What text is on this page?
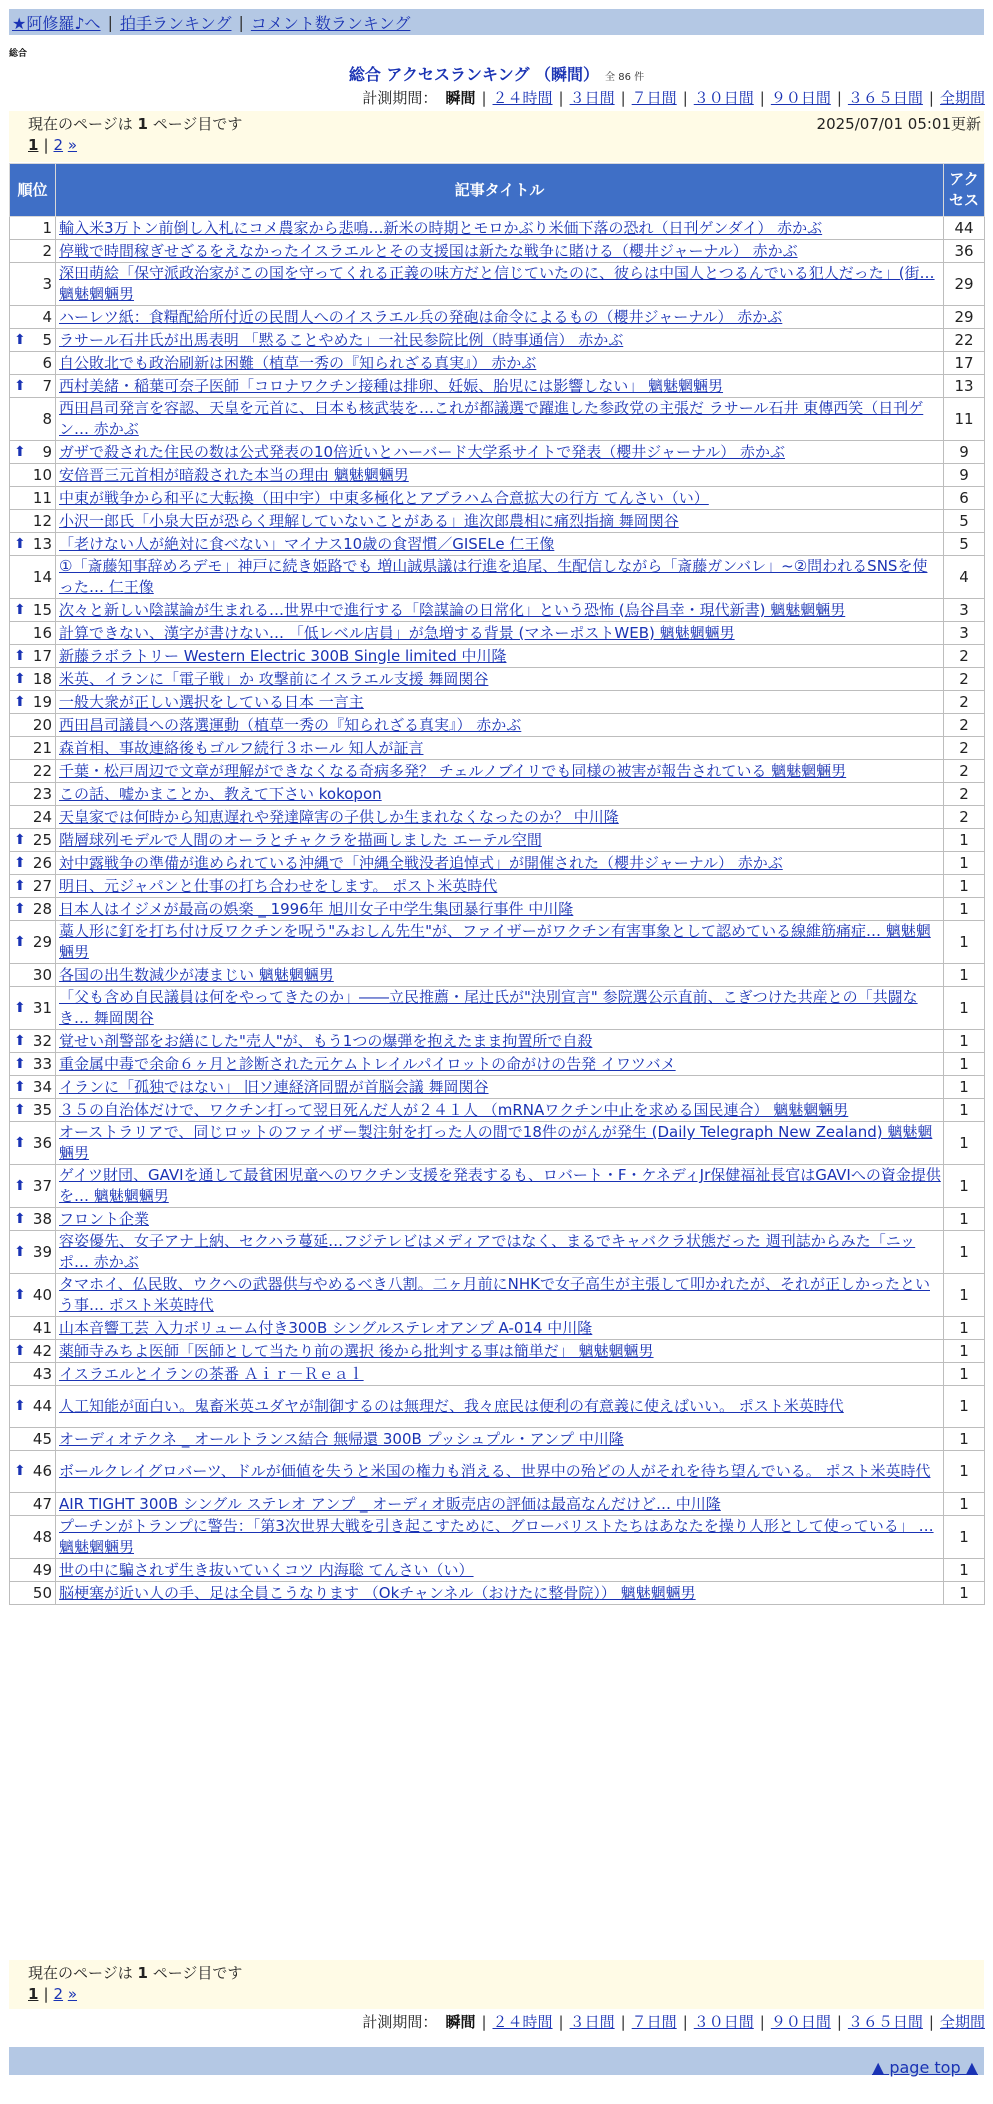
★阿修羅♪へ | 拍手ランキング | コメント数ランキング
総合
総合 アクセスランキング （瞬間） 全 86 件
計測期間： 瞬間 | ２４時間 | ３日間 | ７日間 | ３０日間 | ９０日間 | ３６５日間 | 全期間
現在のページは 1 ページ目です	2025/07/01 05:01更新
1 | 2 »
順位	記事タイトル	アクセス
1	輸入米3万トン前倒し入札にコメ農家から悲鳴…新米の時期とモロかぶり米価下落の恐れ（日刊ゲンダイ） 赤かぶ	44
2	停戦で時間稼ぎせざるをえなかったイスラエルとその支援国は新たな戦争に賭ける（櫻井ジャーナル） 赤かぶ	36
3	深田萌絵「保守派政治家がこの国を守ってくれる正義の味方だと信じていたのに、彼らは中国人とつるんでいる犯人だった」(街… 魑魅魍魎男	29
4	ハーレツ紙：食糧配給所付近の民間人へのイスラエル兵の発砲は命令によるもの（櫻井ジャーナル） 赤かぶ	29

⬆ 5	ラサール石井氏が出馬表明 「黙ることやめた」一社民参院比例（時事通信） 赤かぶ	22
6	自公敗北でも政治刷新は困難（植草一秀の『知られざる真実』） 赤かぶ	17

⬆ 7	西村美緒・稲葉可奈子医師「コロナワクチン接種は排卵、妊娠、胎児には影響しない」 魑魅魍魎男	13
8	西田昌司発言を容認、天皇を元首に、日本も核武装を…これが都議選で躍進した参政党の主張だ ラサール石井 東傳西笑（日刊ゲン… 赤かぶ	11

⬆ 9	ガザで殺された住民の数は公式発表の10倍近いとハーバード大学系サイトで発表（櫻井ジャーナル） 赤かぶ	9
10	安倍晋三元首相が暗殺された本当の理由 魑魅魍魎男	9
11	中東が戦争から和平に大転換（田中宇）中東多極化とアブラハム合意拡大の行方 てんさい（い）	6
12	小沢一郎氏「小泉大臣が恐らく理解していないことがある」進次郎農相に痛烈指摘 舞岡関谷	5

⬆ 13	「老けない人が絶対に食べない」マイナス10歳の食習慣／GISELe 仁王像	5
14	①「斎藤知事辞めろデモ」神戸に続き姫路でも 増山誠県議は行進を追尾、生配信しながら「斎藤ガンバレ」~②問われるSNSを使った… 仁王像	4

⬆ 15	次々と新しい陰謀論が生まれる…世界中で進行する「陰謀論の日常化」という恐怖 (烏谷昌幸・現代新書) 魑魅魍魎男	3
16	計算できない、漢字が書けない… 「低レベル店員」が急増する背景 (マネーポストWEB) 魑魅魍魎男	3

⬆ 17	新藤ラボラトリー Western Electric 300B Single limited 中川隆	2

⬆ 18	米英、イランに「電子戦」か 攻撃前にイスラエル支援 舞岡関谷	2

⬆ 19	一般大衆が正しい選択をしている日本 一言主	2
20	西田昌司議員への落選運動（植草一秀の『知られざる真実』） 赤かぶ	2
21	森首相、事故連絡後もゴルフ続行３ホール 知人が証言	2
22	千葉・松戸周辺で文章が理解ができなくなる奇病多発？ チェルノブイリでも同様の被害が報告されている 魑魅魍魎男	2
23	この話、嘘かまことか、教えて下さい kokopon	2
24	天皇家では何時から知恵遅れや発達障害の子供しか生まれなくなったのか？ 中川隆	2

⬆ 25	階層球列モデルで人間のオーラとチャクラを描画しました エーテル空間	1

⬆ 26	対中露戦争の準備が進められている沖縄で「沖縄全戦没者追悼式」が開催された（櫻井ジャーナル） 赤かぶ	1

⬆ 27	明日、元ジャパンと仕事の打ち合わせをします。 ポスト米英時代	1

⬆ 28	日本人はイジメが最高の娯楽 _ 1996年 旭川女子中学生集団暴行事件 中川隆	1

⬆ 29	藁人形に釘を打ち付け反ワクチンを呪う"みおしん先生"が、ファイザーがワクチン有害事象として認めている線維筋痛症… 魑魅魍魎男	1
30	各国の出生数減少が凄まじい 魑魅魍魎男	1

⬆ 31	「父も含め自民議員は何をやってきたのか」――立民推薦・尾辻氏が"決別宣言" 参院選公示直前、こぎつけた共産との「共闘なき… 舞岡関谷	1

⬆ 32	覚せい剤警部をお繕にした"売人"が、もう1つの爆弾を抱えたまま拘置所で自殺	1

⬆ 33	重金属中毒で余命６ヶ月と診断された元ケムトレイルパイロットの命がけの告発 イワツバメ	1

⬆ 34	イランに「孤独ではない」 旧ソ連経済同盟が首脳会議 舞岡関谷	1

⬆ 35	３５の自治体だけで、ワクチン打って翌日死んだ人が２４１人 （mRNAワクチン中止を求める国民連合） 魑魅魍魎男	1

⬆ 36	オーストラリアで、同じロットのファイザー製注射を打った人の間で18件のがんが発生 (Daily Telegraph New Zealand) 魑魅魍魎男	1

⬆ 37	ゲイツ財団、GAVIを通して最貧困児童へのワクチン支援を発表するも、ロバート・F・ケネディJr保健福祉長官はGAVIへの資金提供を… 魑魅魍魎男	1

⬆ 38	フロント企業	1

⬆ 39	容姿優先、女子アナ上納、セクハラ蔓延…フジテレビはメディアではなく、まるでキャバクラ状態だった 週刊誌からみた「ニッポ… 赤かぶ	1

⬆ 40	タマホイ、仏民敗、ウクへの武器供与やめるべき八割。二ヶ月前にNHKで女子高生が主張して叩かれたが、それが正しかったという事… ポスト米英時代	1
41	山本音響工芸 入力ボリューム付き300B シングルステレオアンプ A-014 中川隆	1

⬆ 42	薬師寺みちよ医師「医師として当たり前の選択 後から批判する事は簡単だ」 魑魅魍魎男	1
43	イスラエルとイランの茶番 Ａｉｒ－Ｒｅａｌ	1

⬆ 44	人工知能が面白い。鬼畜米英ユダヤが制御するのは無理だ、我々庶民は便利の有意義に使えばいい。 ポスト米英時代	1
45	オーディオテクネ _ オールトランス結合 無帰還 300B プッシュプル・アンプ 中川隆	1

⬆ 46	ボールクレイグロバーツ、ドルが価値を失うと米国の権力も消える、世界中の殆どの人がそれを待ち望んでいる。 ポスト米英時代	1
47	AIR TIGHT 300B シングル ステレオ アンプ _ オーディオ販売店の評価は最高なんだけど… 中川隆	1
48	プーチンがトランプに警告：「第3次世界大戦を引き起こすために、グローバリストたちはあなたを操り人形として使っている」 … 魑魅魍魎男	1
49	世の中に騙されず生き抜いていくコツ 内海聡 てんさい（い）	1
50	脳梗塞が近い人の手、足は全員こうなります （Okチャンネル（おけたに整骨院）） 魑魅魍魎男	1
現在のページは 1 ページ目です
1 | 2 »
計測期間： 瞬間 | ２４時間 | ３日間 | ７日間 | ３０日間 | ９０日間 | ３６５日間 | 全期間
▲ page top ▲
